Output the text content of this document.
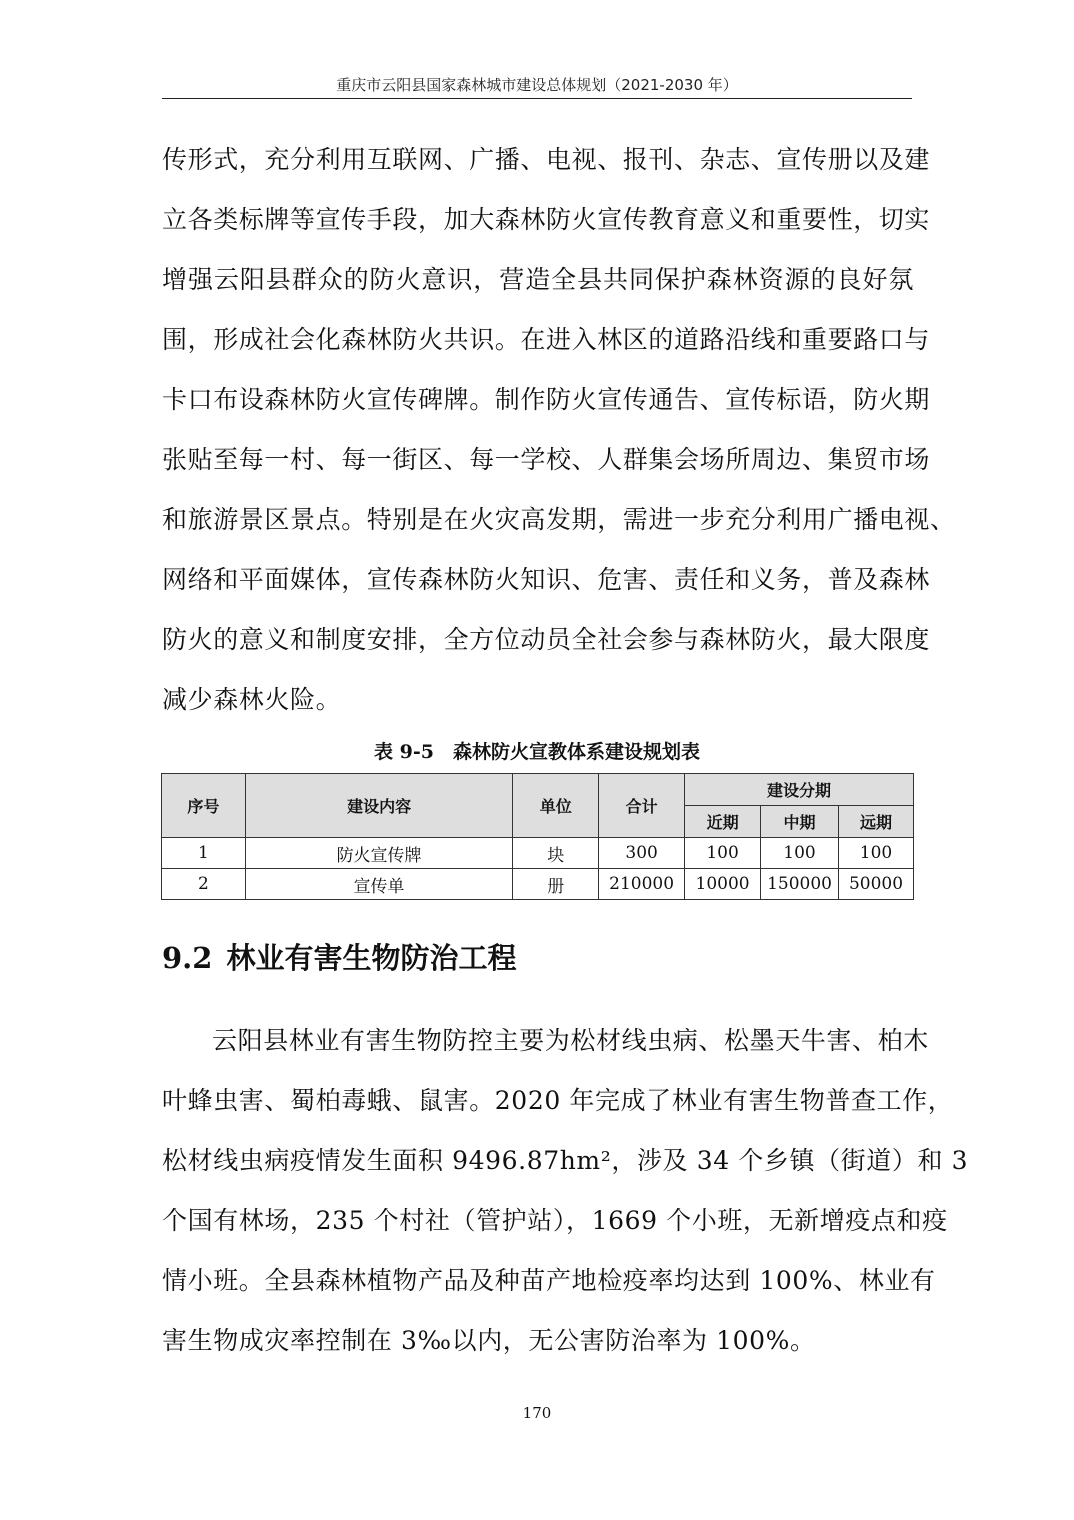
重庆市云阳县国家森林城市建设总体规划（2021-2030 年）
传形式，充分利用互联网、广播、电视、报刊、杂志、宣传册以及建
立各类标牌等宣传手段，加大森林防火宣传教育意义和重要性，切实
增强云阳县群众的防火意识，营造全县共同保护森林资源的良好氛
围，形成社会化森林防火共识。在进入林区的道路沿线和重要路口与
卡口布设森林防火宣传碑牌。制作防火宣传通告、宣传标语，防火期
张贴至每一村、每一街区、每一学校、人群集会场所周边、集贸市场
和旅游景区景点。特别是在火灾高发期，需进一步充分利用广播电视、
网络和平面媒体，宣传森林防火知识、危害、责任和义务，普及森林
防火的意义和制度安排，全方位动员全社会参与森林防火，最大限度
减少森林火险。
表 9-5　森林防火宣教体系建设规划表
序号	建设内容	单位	合计	建设分期		
				近期	中期	远期
1	防火宣传牌	块	300	100	100	100
2	宣传单	册	210000	10000	150000	50000
9.2 林业有害生物防治工程
云阳县林业有害生物防控主要为松材线虫病、松墨天牛害、柏木
叶蜂虫害、蜀柏毒蛾、鼠害。2020 年完成了林业有害生物普查工作，
松材线虫病疫情发生面积 9496.87hm²，涉及 34 个乡镇（街道）和 3
个国有林场，235 个村社（管护站），1669 个小班，无新增疫点和疫
情小班。全县森林植物产品及种苗产地检疫率均达到 100%、林业有
害生物成灾率控制在 3‰以内，无公害防治率为 100%。
170
